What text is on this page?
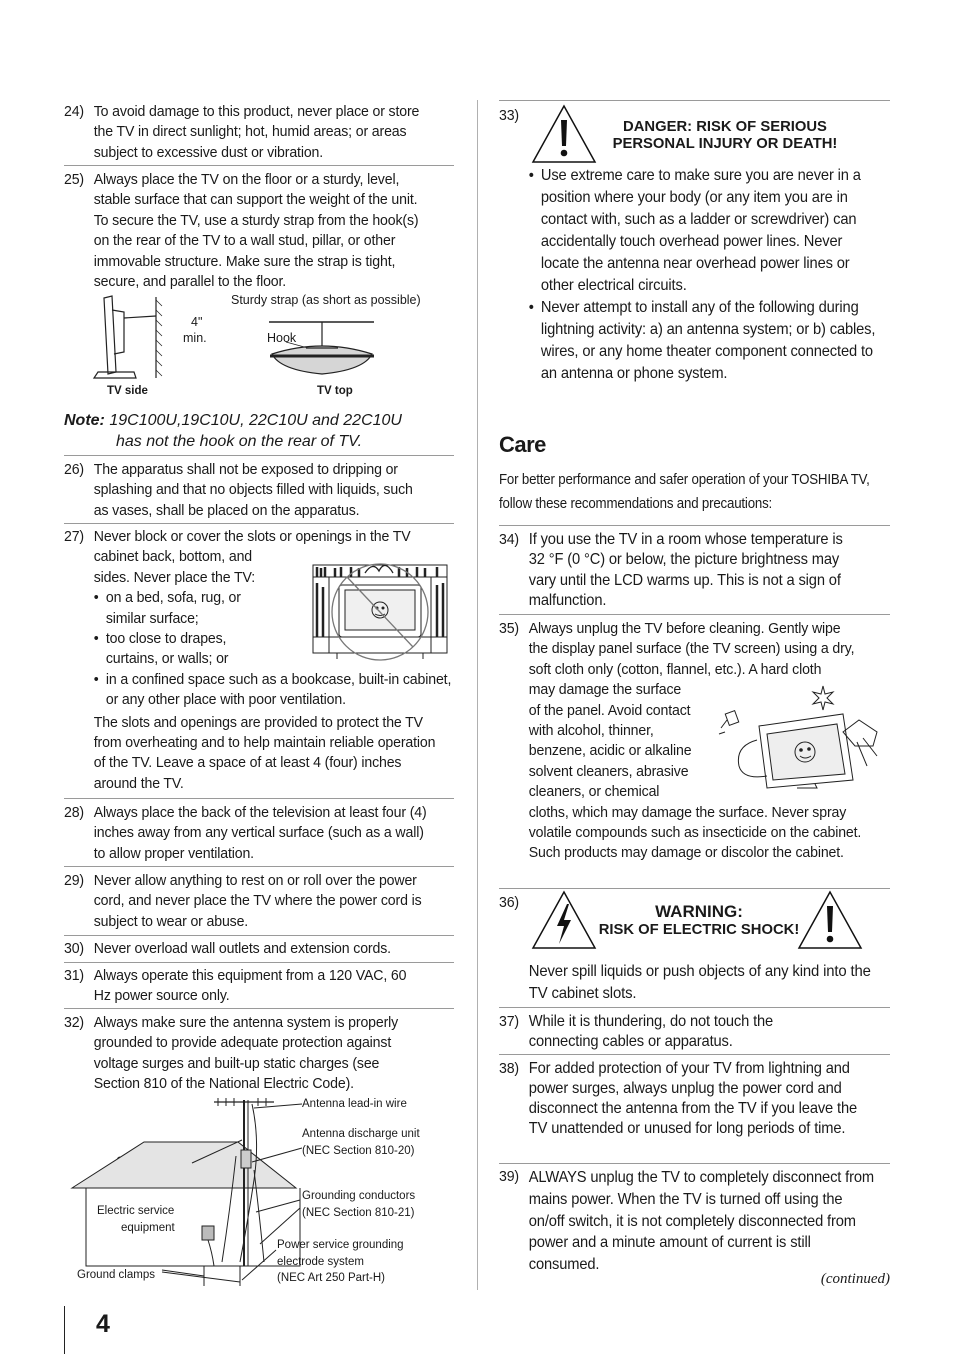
24) To avoid damage to this product, never place or store the TV in direct sunlight; hot, humid areas; or areas subject to excessive dust or vibration.
25) Always place the TV on the floor or a sturdy, level, stable surface that can support the weight of the unit. To secure the TV, use a sturdy strap from the hook(s) on the rear of the TV to a wall stud, pillar, or other immovable structure. Make sure the strap is tight, secure, and parallel to the floor.
Sturdy strap (as short as possible)
4"
min.	Hook
TV side	TV top
Note: 19C100U,19C10U, 22C10U and 22C10U
has not the hook on the rear of TV.
26) The apparatus shall not be exposed to dripping or splashing and that no objects filled with liquids, such as vases, shall be placed on the apparatus.
27) Never block or cover the slots or openings in the TV
cabinet back, bottom, and
sides. Never place the TV:
• on a bed, sofa, rug, or
similar surface;
• too close to drapes,
curtains, or walls; or
• in a confined space such as a bookcase, built-in cabinet, or any other place with poor ventilation.
The slots and openings are provided to protect the TV from overheating and to help maintain reliable operation of the TV. Leave a space of at least 4 (four) inches around the TV.
28) Always place the back of the television at least four (4) inches away from any vertical surface (such as a wall) to allow proper ventilation.
29) Never allow anything to rest on or roll over the power cord, and never place the TV where the power cord is subject to wear or abuse.
30) Never overload wall outlets and extension cords.
31) Always operate this equipment from a 120 VAC, 60 Hz power source only.
32) Always make sure the antenna system is properly grounded to provide adequate protection against voltage surges and built-up static charges (see Section 810 of the National Electric Code).
Antenna lead-in wire
Antenna discharge unit
(NEC Section 810-20)
Electric service
equipment
Grounding conductors
(NEC Section 810-21)
Power service grounding
electrode system
(NEC Art 250 Part-H)
Ground clamps
4
33)
DANGER: RISK OF SERIOUS
PERSONAL INJURY OR DEATH!
• Use extreme care to make sure you are never in a position where your body (or any item you are in contact with, such as a ladder or screwdriver) can accidentally touch overhead power lines. Never locate the antenna near overhead power lines or other electrical circuits.
• Never attempt to install any of the following during lightning activity: a) an antenna system; or b) cables, wires, or any home theater component connected to an antenna or phone system.
Care
For better performance and safer operation of your TOSHIBA TV, follow these recommendations and precautions:
34) If you use the TV in a room whose temperature is 32 °F (0 °C) or below, the picture brightness may vary until the LCD warms up. This is not a sign of malfunction.
35) Always unplug the TV before cleaning. Gently wipe the display panel surface (the TV screen) using a dry, soft cloth only (cotton, flannel, etc.). A hard cloth
may damage the surface
of the panel. Avoid contact
with alcohol, thinner,
benzene, acidic or alkaline
solvent cleaners, abrasive
cleaners, or chemical
cloths, which may damage the surface. Never spray volatile compounds such as insecticide on the cabinet. Such products may damage or discolor the cabinet.
36)	WARNING:
RISK OF ELECTRIC SHOCK!
Never spill liquids or push objects of any kind into the TV cabinet slots.
37) While it is thundering, do not touch the connecting cables or apparatus.
38) For added protection of your TV from lightning and power surges, always unplug the power cord and disconnect the antenna from the TV if you leave the TV unattended or unused for long periods of time.
39) ALWAYS unplug the TV to completely disconnect from mains power. When the TV is turned off using the on/off switch, it is not completely disconnected from power and a minute amount of current is still consumed.
(continued)
